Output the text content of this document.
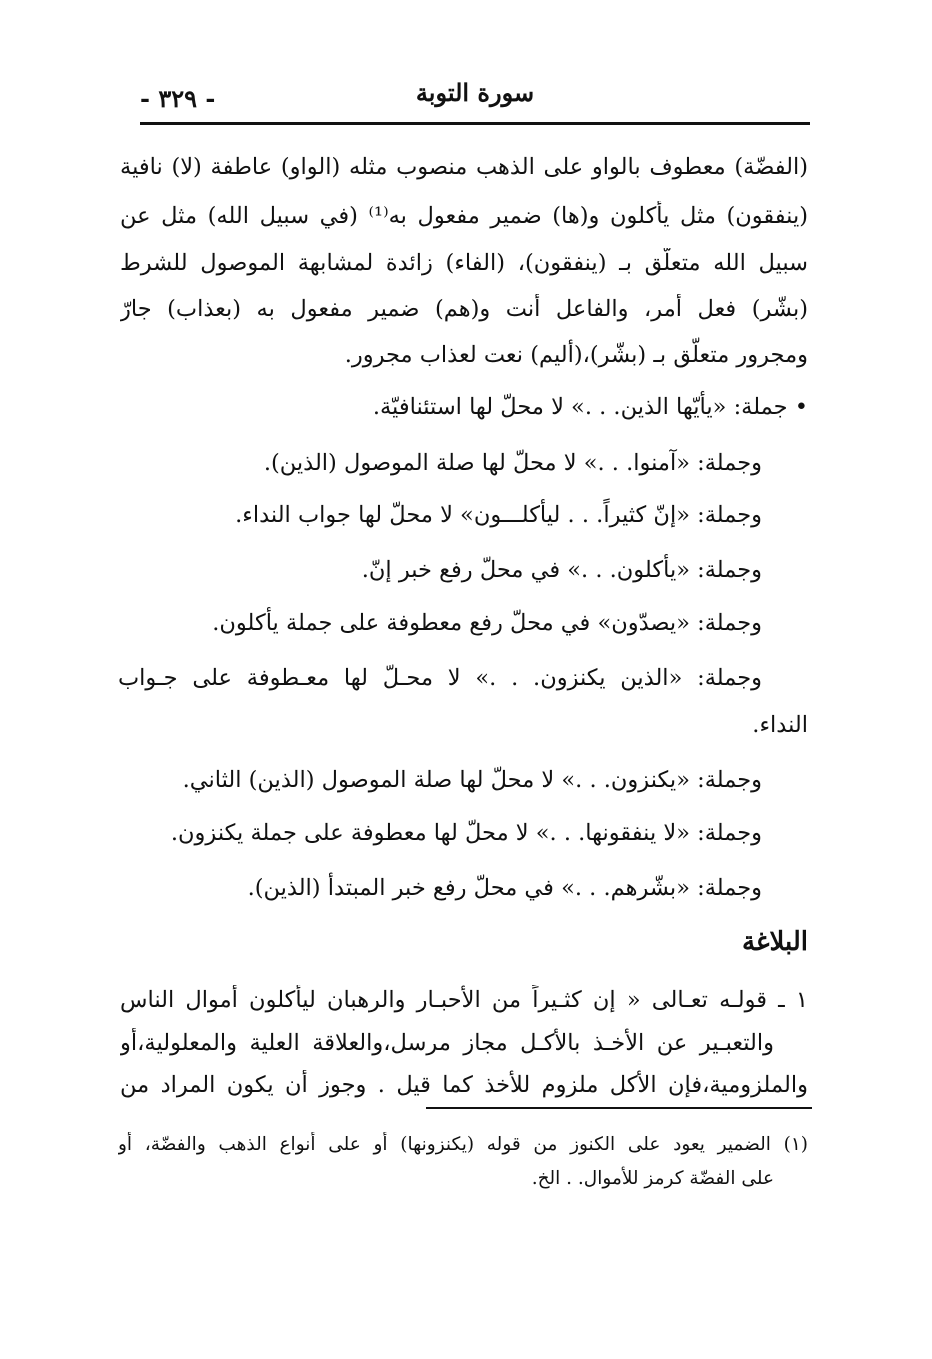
سورة التوبة
- ٣٢٩ -
(الفضّة) معطوف بالواو على الذهب منصوب مثله (الواو) عاطفة (لا) نافية
(ينفقون) مثل يأكلون و(ها) ضمير مفعول به⁽¹⁾ (في سبيل الله) مثل عن
سبيل الله متعلّق بـ (ينفقون)، (الفاء) زائدة لمشابهة الموصول للشرط
(بشّر) فعل أمر، والفاعل أنت و(هم) ضمير مفعول به (بعذاب) جارّ
ومجرور متعلّق بـ (بشّر)،(أليم) نعت لعذاب مجرور.
• جملة: «يأيّها الذين. . .» لا محلّ لها استئنافيّة.
وجملة: «آمنوا. . .» لا محلّ لها صلة الموصول (الذين).
وجملة: «إنّ كثيراً. . . ليأكلـــون» لا محلّ لها جواب النداء.
وجملة: «يأكلون. . .» في محلّ رفع خبر إنّ.
وجملة: «يصدّون» في محلّ رفع معطوفة على جملة يأكلون.
وجملة: «الذين يكنزون. . .» لا محـلّ لها معـطوفة على جـواب
النداء.
وجملة: «يكنزون. . .» لا محلّ لها صلة الموصول (الذين) الثاني.
وجملة: «لا ينفقونها. . .» لا محلّ لها معطوفة على جملة يكنزون.
وجملة: «بشّرهم. . .» في محلّ رفع خبر المبتدأ (الذين).
البلاغة
١ ـ قولـه تعـالى « إن كثـيراً من الأحبـار والرهبان ليأكلون أموال الناس
والتعبـير عن الأخـذ بالأكـل مجاز مرسل،والعلاقة العلية والمعلولية،أو
والملزومية،فإن الأكل ملزوم للأخذ كما قيل . وجوز أن يكون المراد من
(١) الضمير يعود على الكنوز من قوله (يكنزونها) أو على أنواع الذهب والفضّة، أو
على الفضّة كرمز للأموال. . الخ.
